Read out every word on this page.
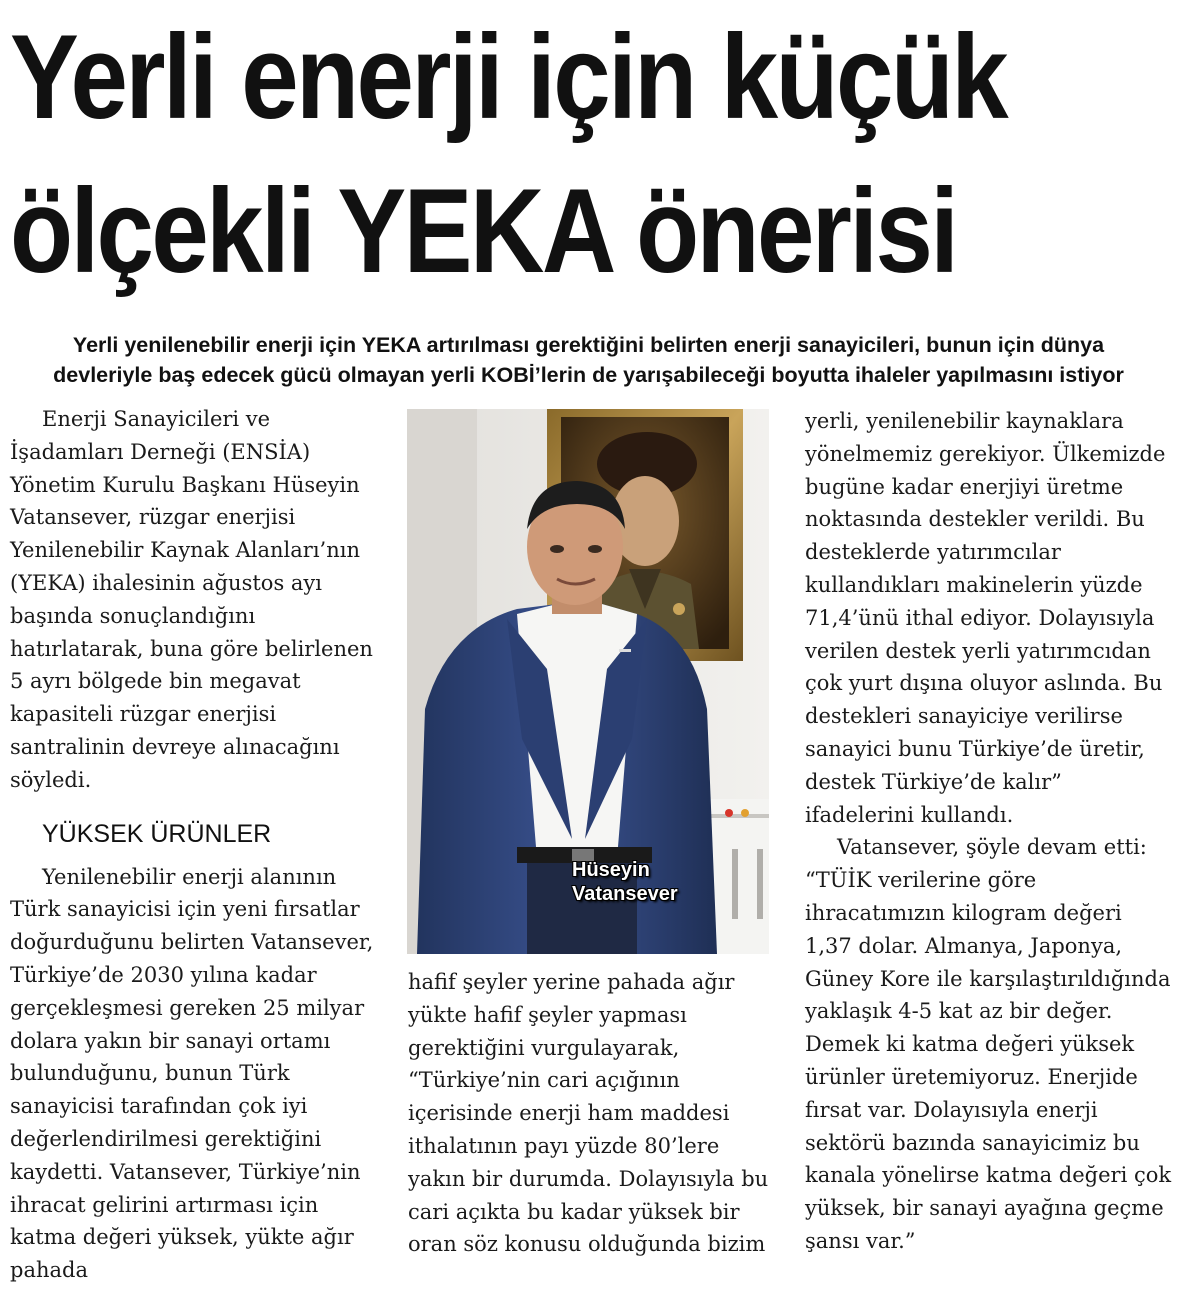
Yerli enerji için küçük
ölçekli YEKA önerisi
Yerli yenilenebilir enerji için YEKA artırılması gerektiğini belirten enerji sanayicileri, bunun için dünya
devleriyle baş edecek gücü olmayan yerli KOBİ’lerin de yarışabileceği boyutta ihaleler yapılmasını istiyor

Enerji Sanayicileri ve İşadamları Derneği (ENSİA) Yönetim Kurulu Başkanı Hüseyin Vatansever, rüzgar enerjisi Yenilenebilir Kaynak Alanları’nın (YEKA) ihalesinin ağustos ayı başında sonuçlandığını hatırlatarak, buna göre belirlenen 5 ayrı bölgede bin megavat kapasiteli rüzgar enerjisi santralinin devreye alınacağını söyledi.

YÜKSEK ÜRÜNLER

Yenilenebilir enerji alanının Türk sanayicisi için yeni fırsatlar doğurduğunu belirten Vatansever, Türkiye’de 2030 yılına kadar gerçekleşmesi gereken 25 milyar dolara yakın bir sanayi ortamı bulunduğunu, bunun Türk sanayicisi tarafından çok iyi değerlendirilmesi gerektiğini kaydetti. Vatansever, Türkiye’nin ihracat gelirini artırması için katma değeri yüksek, yükte ağır pahada

Hüseyin
Vatansever

hafif şeyler yerine pahada ağır yükte hafif şeyler yapması gerektiğini vurgulayarak, “Türkiye’nin cari açığının içerisinde enerji ham maddesi ithalatının payı yüzde 80’lere yakın bir durumda. Dolayısıyla bu cari açıkta bu kadar yüksek bir oran söz konusu olduğunda bizim

yerli, yenilenebilir kaynaklara yönelmemiz gerekiyor. Ülkemizde bugüne kadar enerjiyi üretme noktasında destekler verildi. Bu desteklerde yatırımcılar kullandıkları makinelerin yüzde 71,4’ünü ithal ediyor. Dolayısıyla verilen destek yerli yatırımcıdan çok yurt dışına oluyor aslında. Bu destekleri sanayiciye verilirse sanayici bunu Türkiye’de üretir, destek Türkiye’de kalır” ifadelerini kullandı.

Vatansever, şöyle devam etti: “TÜİK verilerine göre ihracatımızın kilogram değeri 1,37 dolar. Almanya, Japonya, Güney Kore ile karşılaştırıldığında yaklaşık 4-5 kat az bir değer. Demek ki katma değeri yüksek ürünler üretemiyoruz. Enerjide fırsat var. Dolayısıyla enerji sektörü bazında sanayicimiz bu kanala yönelirse katma değeri çok yüksek, bir sanayi ayağına geçme şansı var.”
